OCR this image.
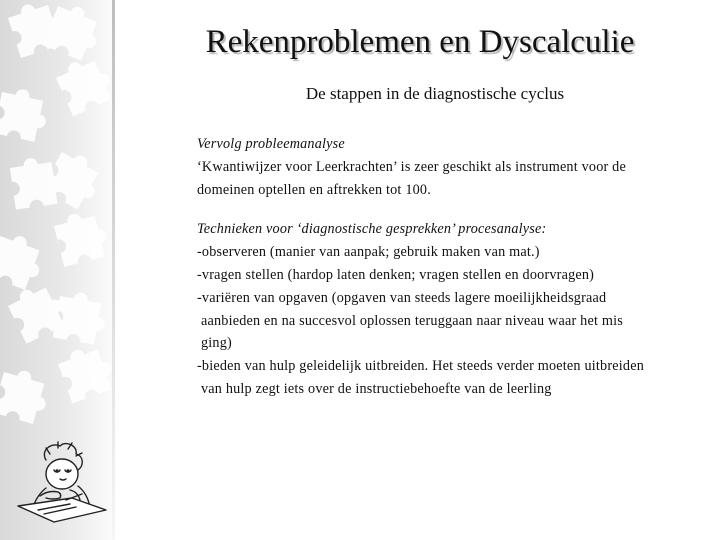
Rekenproblemen en Dyscalculie

De stappen in de diagnostische cyclus

Vervolg probleemanalyse

‘Kwantiwijzer voor Leerkrachten’ is zeer geschikt als instrument voor de

domeinen optellen en aftrekken tot 100.

Technieken voor ‘diagnostische gesprekken’ procesanalyse:

-observeren (manier van aanpak; gebruik maken van mat.)

-vragen stellen (hardop laten denken; vragen stellen en doorvragen)

-variëren van opgaven (opgaven van steeds lagere moeilijkheidsgraad

aanbieden en na succesvol oplossen teruggaan naar niveau waar het mis

ging)

-bieden van hulp geleidelijk uitbreiden. Het steeds verder moeten uitbreiden

van hulp zegt iets over de instructiebehoefte van de leerling
